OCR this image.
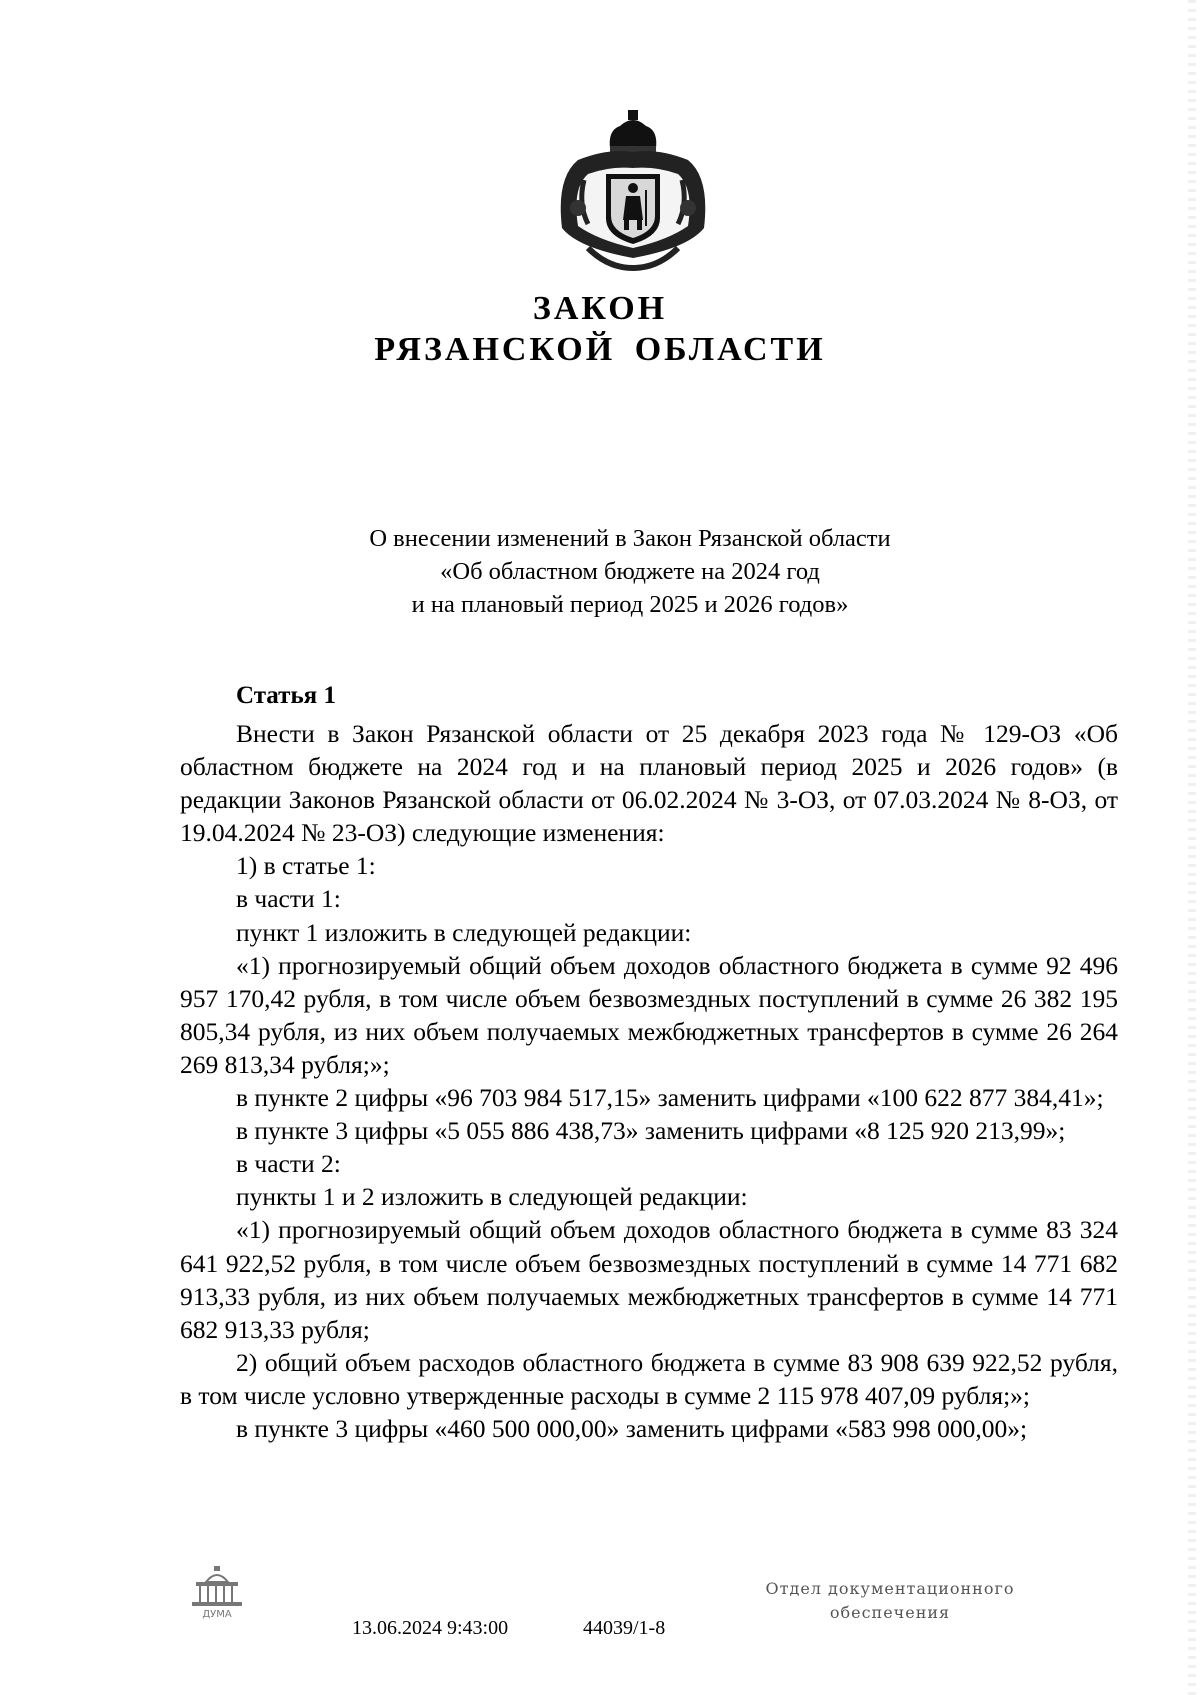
ЗАКОН
РЯЗАНСКОЙ ОБЛАСТИ
О внесении изменений в Закон Рязанской области
«Об областном бюджете на 2024 год
и на плановый период 2025 и 2026 годов»
Статья 1

Внести в Закон Рязанской области от 25 декабря 2023 года № 129-ОЗ «Об областном бюджете на 2024 год и на плановый период 2025 и 2026 годов» (в редакции Законов Рязанской области от 06.02.2024 № 3-ОЗ, от 07.03.2024 № 8-ОЗ, от 19.04.2024 № 23-ОЗ) следующие изменения:

1) в статье 1:

в части 1:

пункт 1 изложить в следующей редакции:

«1) прогнозируемый общий объем доходов областного бюджета в сумме 92 496 957 170,42 рубля, в том числе объем безвозмездных поступлений в сумме 26 382 195 805,34 рубля, из них объем получаемых межбюджетных трансфертов в сумме 26 264 269 813,34 рубля;»;

в пункте 2 цифры «96 703 984 517,15» заменить цифрами «100 622 877 384,41»;

в пункте 3 цифры «5 055 886 438,73» заменить цифрами «8 125 920 213,99»;

в части 2:

пункты 1 и 2 изложить в следующей редакции:

«1) прогнозируемый общий объем доходов областного бюджета в сумме 83 324 641 922,52 рубля, в том числе объем безвозмездных поступлений в сумме 14 771 682 913,33 рубля, из них объем получаемых межбюджетных трансфертов в сумме 14 771 682 913,33 рубля;

2) общий объем расходов областного бюджета в сумме 83 908 639 922,52 рубля, в том числе условно утвержденные расходы в сумме 2 115 978 407,09 рубля;»;

в пункте 3 цифры «460 500 000,00» заменить цифрами «583 998 000,00»;

ДУМА
13.06.2024 9:43:00	44039/1-8
Отдел документационного
обеспечения
